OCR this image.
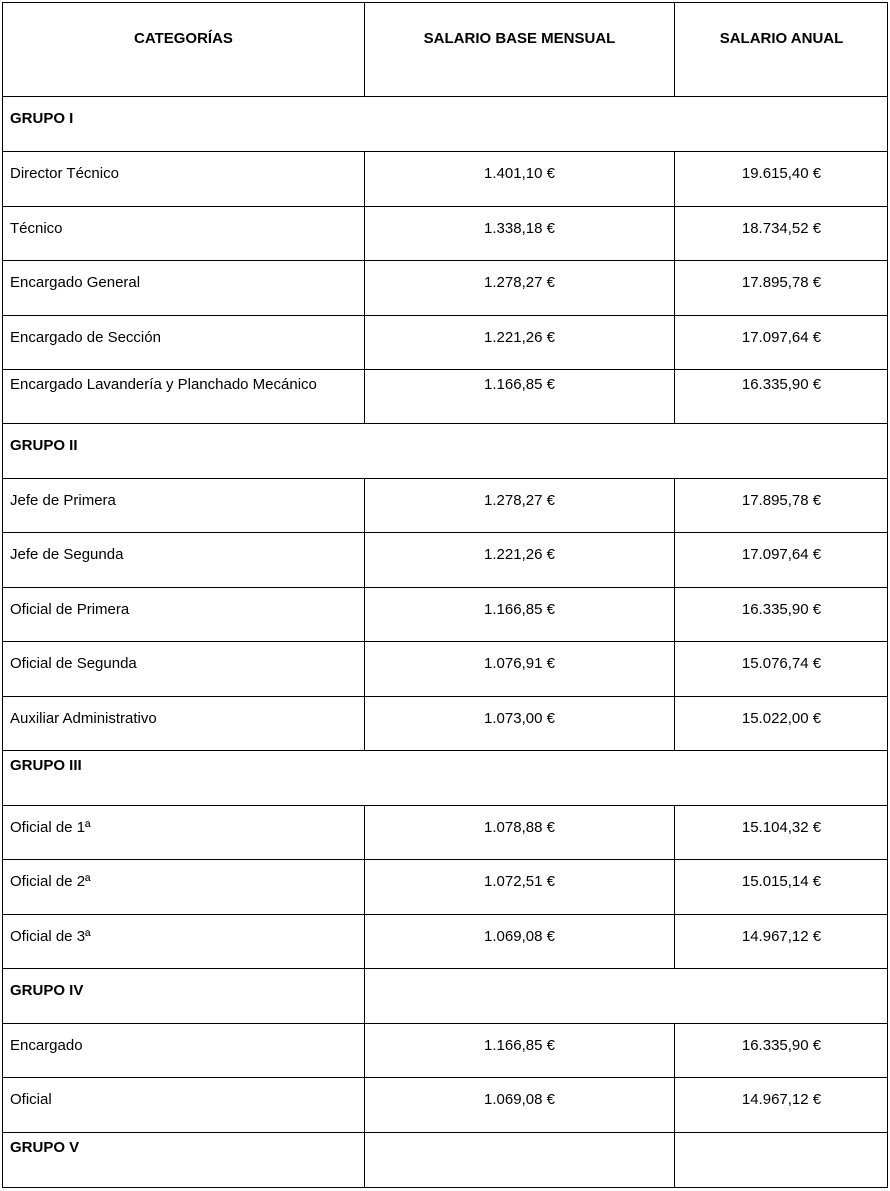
CATEGORÍAS	SALARIO BASE MENSUAL	SALARIO ANUAL
GRUPO I
Director Técnico	1.401,10 €	19.615,40 €
Técnico	1.338,18 €	18.734,52 €
Encargado General	1.278,27 €	17.895,78 €
Encargado de Sección	1.221,26 €	17.097,64 €
Encargado Lavandería y Planchado Mecánico	1.166,85 €	16.335,90 €
GRUPO II
Jefe de Primera	1.278,27 €	17.895,78 €
Jefe de Segunda	1.221,26 €	17.097,64 €
Oficial de Primera	1.166,85 €	16.335,90 €
Oficial de Segunda	1.076,91 €	15.076,74 €
Auxiliar Administrativo	1.073,00 €	15.022,00 €
GRUPO III
Oficial de 1ª	1.078,88 €	15.104,32 €
Oficial de 2ª	1.072,51 €	15.015,14 €
Oficial de 3ª	1.069,08 €	14.967,12 €
GRUPO IV
Encargado	1.166,85 €	16.335,90 €
Oficial	1.069,08 €	14.967,12 €
GRUPO V
